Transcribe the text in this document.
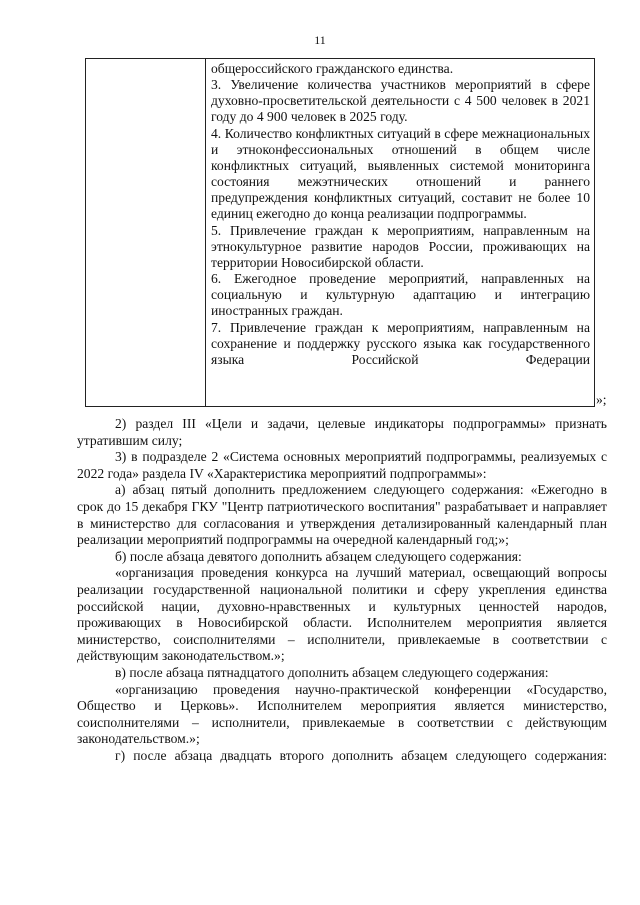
11

общероссийского гражданского единства.

3. Увеличение количества участников мероприятий в сфере духовно-просветительской деятельности с 4 500 человек в 2021 году до 4 900 человек в 2025 году.

4. Количество конфликтных ситуаций в сфере межнациональных и этноконфессиональных отношений в общем числе конфликтных ситуаций, выявленных системой мониторинга состояния межэтнических отношений и раннего предупреждения конфликтных ситуаций, составит не более 10 единиц ежегодно до конца реализации подпрограммы.

5. Привлечение граждан к мероприятиям, направленным на этнокультурное развитие народов России, проживающих на территории Новосибирской области.

6. Ежегодное проведение мероприятий, направленных на социальную и культурную адаптацию и интеграцию иностранных граждан.

7. Привлечение граждан к мероприятиям, направленным на сохранение и поддержку русского языка как государственного языка Российской Федерации

»;

2) раздел III «Цели и задачи, целевые индикаторы подпрограммы» признать утратившим силу;

3) в подразделе 2 «Система основных мероприятий подпрограммы, реализуемых с 2022 года» раздела IV «Характеристика мероприятий подпрограммы»:

а) абзац пятый дополнить предложением следующего содержания: «Ежегодно в срок до 15 декабря ГКУ "Центр патриотического воспитания" разрабатывает и направляет в министерство для согласования и утверждения детализированный календарный план реализации мероприятий подпрограммы на очередной календарный год;»;

б) после абзаца девятого дополнить абзацем следующего содержания:

«организация проведения конкурса на лучший материал, освещающий вопросы реализации государственной национальной политики и сферу укрепления единства российской нации, духовно-нравственных и культурных ценностей народов, проживающих в Новосибирской области. Исполнителем мероприятия является министерство, соисполнителями – исполнители, привлекаемые в соответствии с действующим законодательством.»;

в) после абзаца пятнадцатого дополнить абзацем следующего содержания:

«организацию проведения научно-практической конференции «Государство, Общество и Церковь». Исполнителем мероприятия является министерство, соисполнителями – исполнители, привлекаемые в соответствии с действующим законодательством.»;

г) после абзаца двадцать второго дополнить абзацем следующего содержания:
